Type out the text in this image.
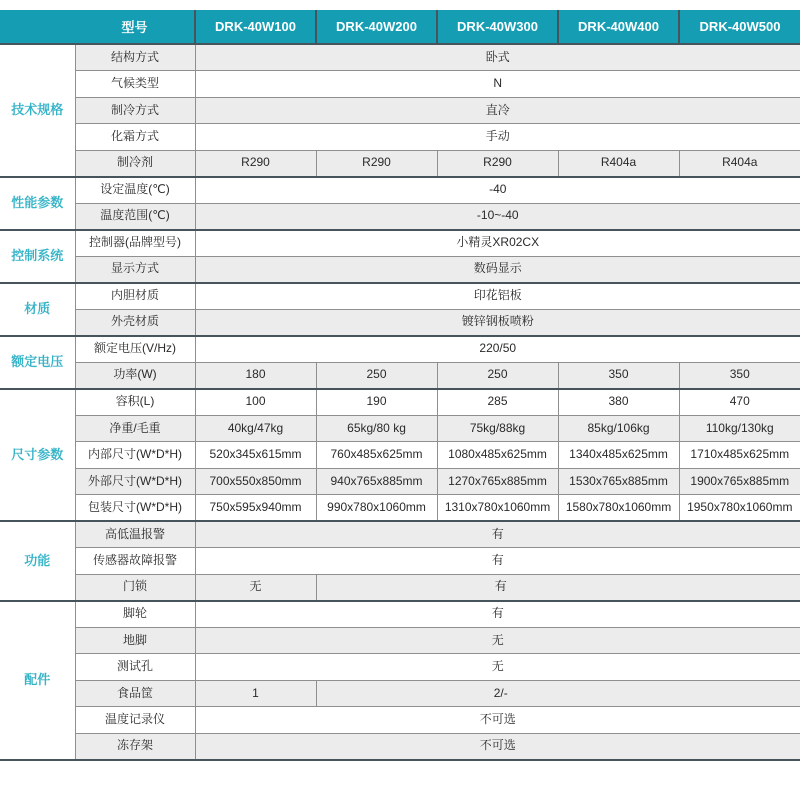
型号		DRK-40W100	DRK-40W200	DRK-40W300	DRK-40W400	DRK-40W500
技术规格	结构方式	卧式				
	气候类型	N				
	制冷方式	直冷				
	化霜方式	手动				
	制冷剂	R290	R290	R290	R404a	R404a
性能参数	设定温度(℃)	-40				
	温度范围(℃)	-10~-40				
控制系统	控制器(品牌型号)	小精灵XR02CX				
	显示方式	数码显示				
材质	内胆材质	印花铝板				
	外壳材质	镀锌钢板喷粉				
额定电压	额定电压(V/Hz)	220/50				
	功率(W)	180	250	250	350	350
尺寸参数	容积(L)	100	190	285	380	470
	净重/毛重	40kg/47kg	65kg/80 kg	75kg/88kg	85kg/106kg	110kg/130kg
	内部尺寸(W*D*H)	520x345x615mm	760x485x625mm	1080x485x625mm	1340x485x625mm	1710x485x625mm
	外部尺寸(W*D*H)	700x550x850mm	940x765x885mm	1270x765x885mm	1530x765x885mm	1900x765x885mm
	包装尺寸(W*D*H)	750x595x940mm	990x780x1060mm	1310x780x1060mm	1580x780x1060mm	1950x780x1060mm
功能	高低温报警	有				
	传感器故障报警	有				
	门锁	无	有			
配件	脚轮	有				
	地脚	无				
	测试孔	无				
	食品筐	1	2/-			
	温度记录仪	不可选				
	冻存架	不可选				
